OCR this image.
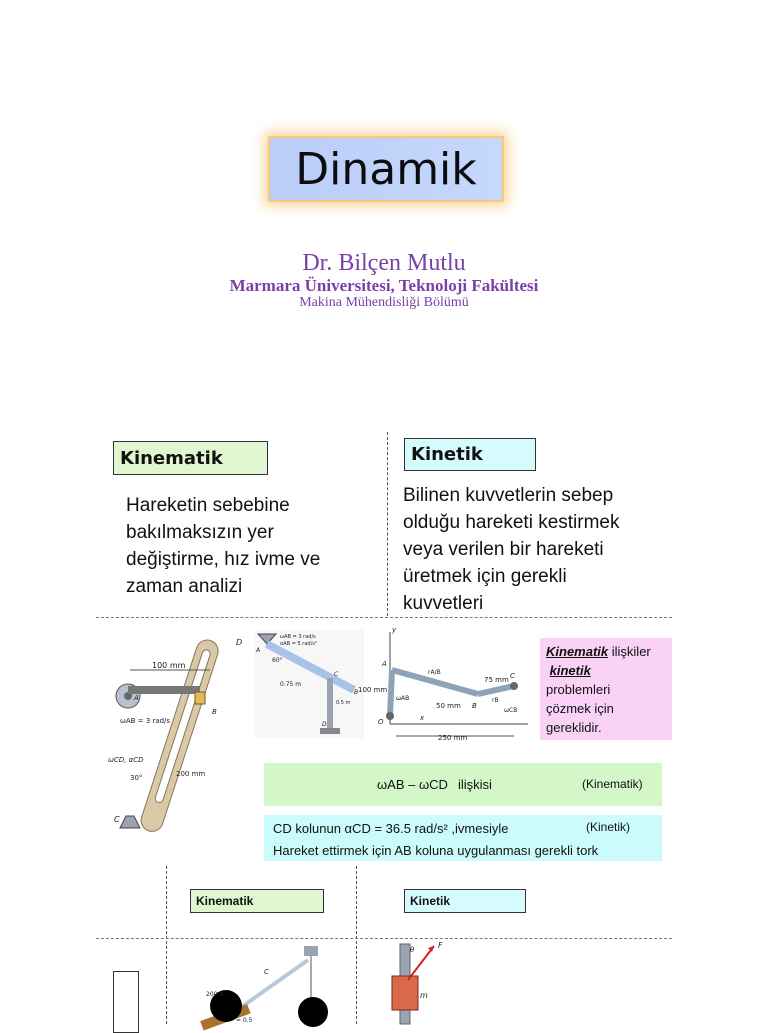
Dinamik
Dr. Bilçen Mutlu
Marmara Üniversitesi, Teknoloji Fakültesi
Makina Mühendisliği Bölümü
Kinematik	Kinetik
Hareketin sebebine
bakılmaksızın yer
değiştirme, hız ivme ve
zaman analizi
Bilinen kuvvetlerin sebep
olduğu hareketi kestirmek
veya verilen bir hareketi
üretmek için gerekli
kuvvetleri
100 mm
D
A
ωAB = 3 rad/s
B
ωCD, αCD
30°	200 mm
C
ωAB = 3 rad/s
αAB = 5 rad/s²
A
60°
0.75 m
C
B
0.5 m
D
y
A
rA/B
75 mm C
100 mm
ωAB
50 mm B
rB
ωCB
O	x
250 mm
Kinematik ilişkiler
kinetik
problemleri
çözmek için
gereklidir.
ωAB – ωCD ilişkisi	(Kinematik)
CD kolunun αCD = 36.5 rad/s² ,ivmesiyle	(Kinetik)
Hareket ettirmek için AB koluna uygulanması gerekli tork
Kinematik	Kinetik
200 N
C
= 0.5
θ	F
m
